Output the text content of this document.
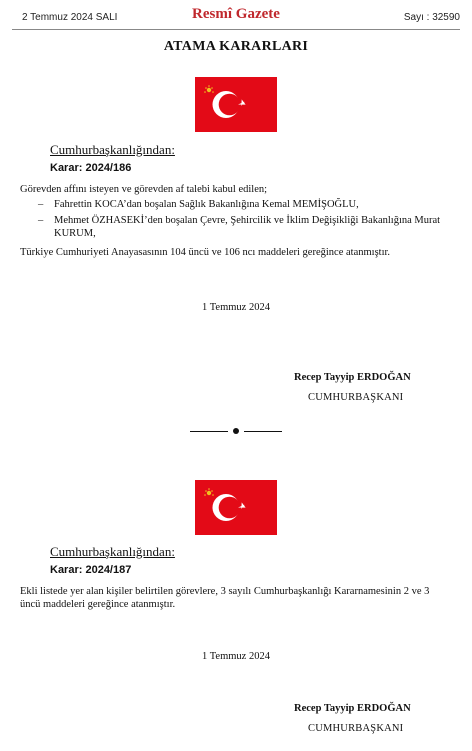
2 Temmuz 2024 SALI	Resmî Gazete	Sayı : 32590
ATAMA KARARLARI
Cumhurbaşkanlığından:
Karar: 2024/186
Görevden affını isteyen ve görevden af talebi kabul edilen;
–	Fahrettin KOCA’dan boşalan Sağlık Bakanlığına Kemal MEMİŞOĞLU,
–	Mehmet ÖZHASEKİ’den boşalan Çevre, Şehircilik ve İklim Değişikliği Bakanlığına Murat KURUM,
Türkiye Cumhuriyeti Anayasasının 104 üncü ve 106 ncı maddeleri gereğince atanmıştır.
1 Temmuz 2024
Recep Tayyip ERDOĞAN
CUMHURBAŞKANI
Cumhurbaşkanlığından:
Karar: 2024/187
Ekli listede yer alan kişiler belirtilen görevlere, 3 sayılı Cumhurbaşkanlığı Kararnamesinin 2 ve 3 üncü maddeleri gereğince atanmıştır.
1 Temmuz 2024
Recep Tayyip ERDOĞAN
CUMHURBAŞKANI
